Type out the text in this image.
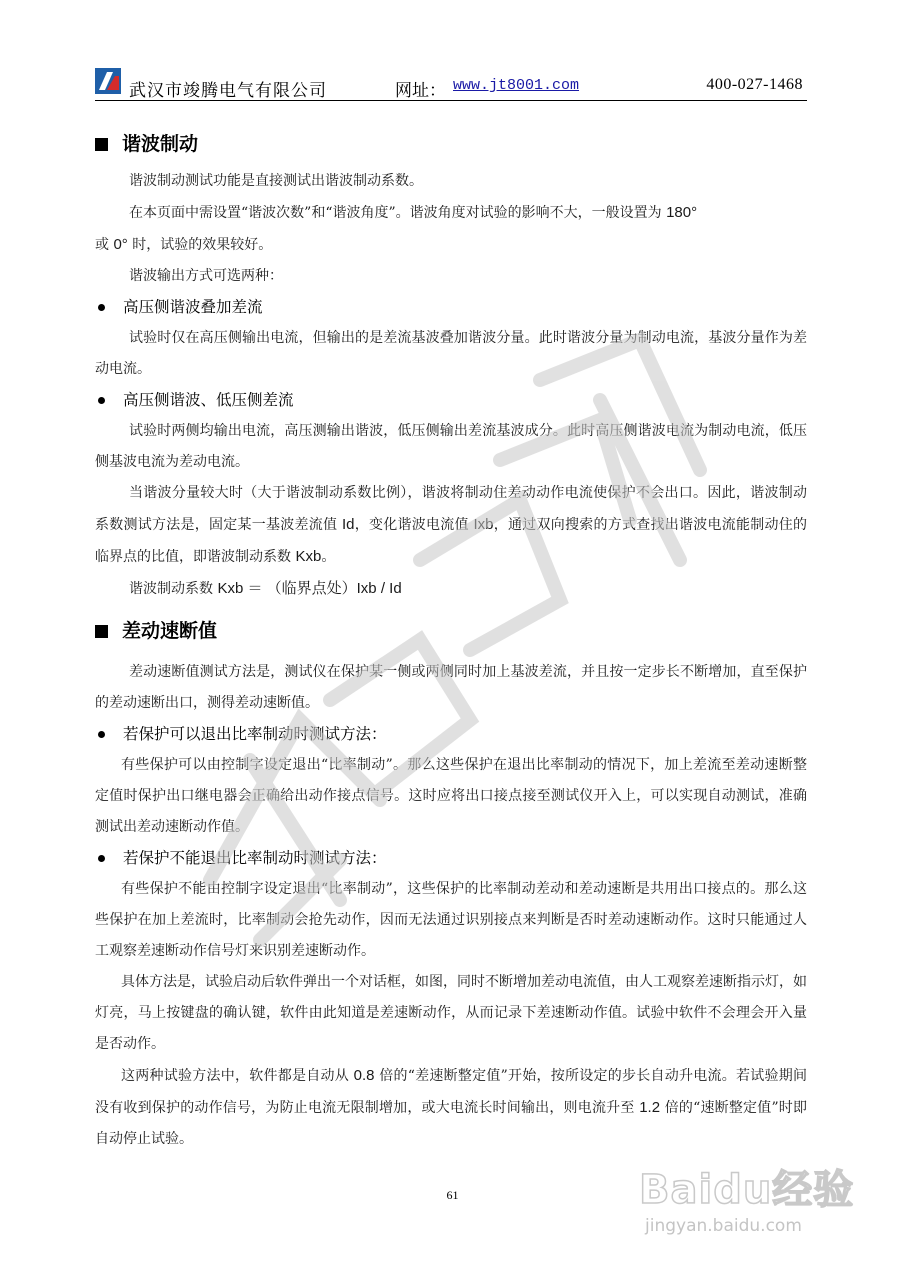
武汉市竣腾电气有限公司	网址： www.jt8001.com	400-027-1468
谐波制动

谐波制动测试功能是直接测试出谐波制动系数。

在本页面中需设置“谐波次数”和“谐波角度”。谐波角度对试验的影响不大，一般设置为 180°
或 0° 时，试验的效果较好。

谐波输出方式可选两种：

高压侧谐波叠加差流

试验时仅在高压侧输出电流，但输出的是差流基波叠加谐波分量。此时谐波分量为制动电流，基波分量作为差动电流。

高压侧谐波、低压侧差流

试验时两侧均输出电流，高压测输出谐波，低压侧输出差流基波成分。此时高压侧谐波电流为制动电流，低压侧基波电流为差动电流。

当谐波分量较大时（大于谐波制动系数比例），谐波将制动住差动动作电流使保护不会出口。因此，谐波制动系数测试方法是，固定某一基波差流值 Id，变化谐波电流值 Ixb，通过双向搜索的方式查找出谐波电流能制动住的临界点的比值，即谐波制动系数 Kxb。

谐波制动系数 Kxb ＝ （临界点处）Ixb / Id

差动速断值

差动速断值测试方法是，测试仪在保护某一侧或两侧同时加上基波差流，并且按一定步长不断增加，直至保护的差动速断出口，测得差动速断值。

若保护可以退出比率制动时测试方法：

有些保护可以由控制字设定退出“比率制动”。那么这些保护在退出比率制动的情况下，加上差流至差动速断整定值时保护出口继电器会正确给出动作接点信号。这时应将出口接点接至测试仪开入上，可以实现自动测试，准确测试出差动速断动作值。

若保护不能退出比率制动时测试方法：

有些保护不能由控制字设定退出“比率制动”，这些保护的比率制动差动和差动速断是共用出口接点的。那么这些保护在加上差流时，比率制动会抢先动作，因而无法通过识别接点来判断是否时差动速断动作。这时只能通过人工观察差速断动作信号灯来识别差速断动作。

具体方法是，试验启动后软件弹出一个对话框，如图，同时不断增加差动电流值，由人工观察差速断指示灯，如灯亮，马上按键盘的确认键，软件由此知道是差速断动作，从而记录下差速断动作值。试验中软件不会理会开入量是否动作。

这两种试验方法中，软件都是自动从 0.8 倍的“差速断整定值”开始，按所设定的步长自动升电流。若试验期间没有收到保护的动作信号，为防止电流无限制增加，或大电流长时间输出，则电流升至 1.2 倍的“速断整定值”时即自动停止试验。

61	Baidu经验
jingyan.baidu.com
